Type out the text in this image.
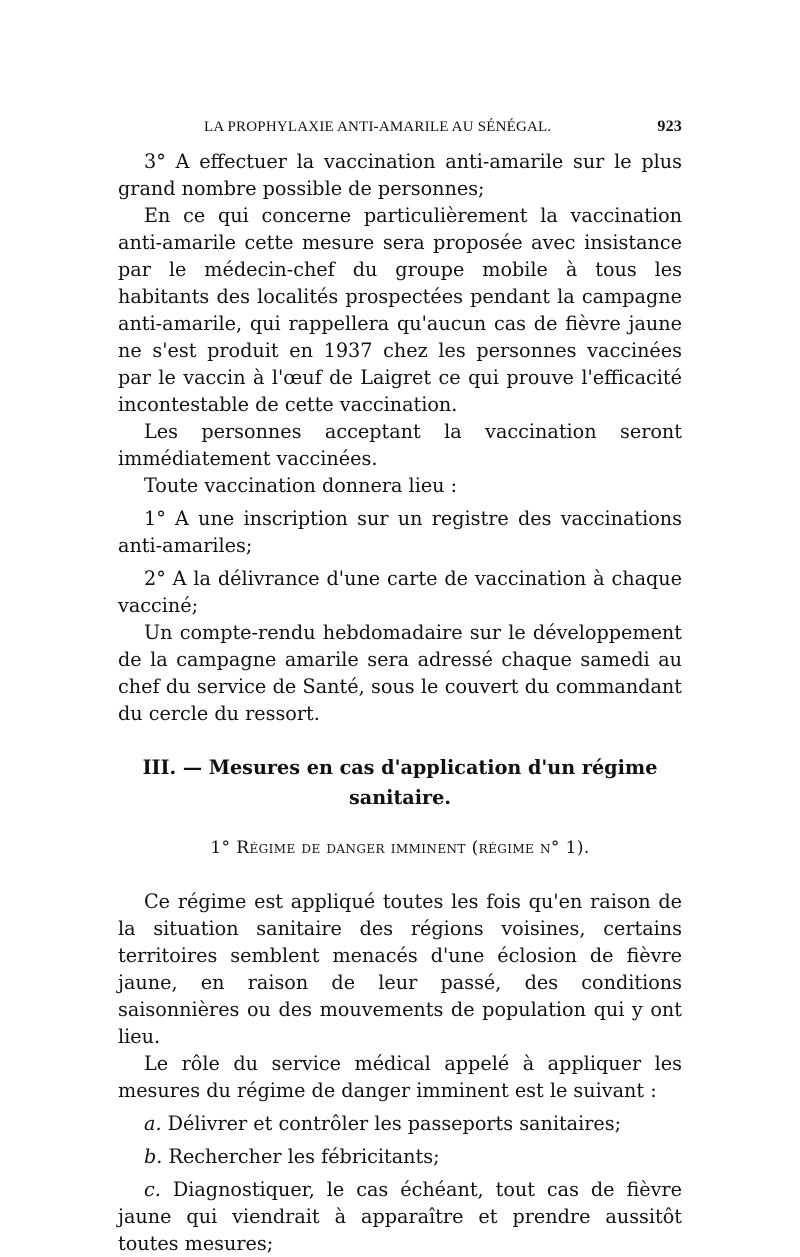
LA PROPHYLAXIE ANTI-AMARILE AU SÉNÉGAL.	923

3° A effectuer la vaccination anti-amarile sur le plus grand nombre possible de personnes;

En ce qui concerne particulièrement la vaccination anti-amarile cette mesure sera proposée avec insistance par le médecin-chef du groupe mobile à tous les habitants des localités prospectées pendant la campagne anti-amarile, qui rappellera qu'aucun cas de fièvre jaune ne s'est produit en 1937 chez les personnes vaccinées par le vaccin à l'œuf de Laigret ce qui prouve l'efficacité incontestable de cette vaccination.

Les personnes acceptant la vaccination seront immédiatement vaccinées.

Toute vaccination donnera lieu :

1° A une inscription sur un registre des vaccinations anti-amariles;

2° A la délivrance d'une carte de vaccination à chaque vacciné;

Un compte-rendu hebdomadaire sur le développement de la campagne amarile sera adressé chaque samedi au chef du service de Santé, sous le couvert du commandant du cercle du ressort.

III. — Mesures en cas d'application d'un régime
sanitaire.
1° Régime de danger imminent (régime n° 1).

Ce régime est appliqué toutes les fois qu'en raison de la situation sanitaire des régions voisines, certains territoires semblent menacés d'une éclosion de fièvre jaune, en raison de leur passé, des conditions saisonnières ou des mouvements de population qui y ont lieu.

Le rôle du service médical appelé à appliquer les mesures du régime de danger imminent est le suivant :

a. Délivrer et contrôler les passeports sanitaires;

b. Rechercher les fébricitants;

c. Diagnostiquer, le cas échéant, tout cas de fièvre jaune qui viendrait à apparaître et prendre aussitôt toutes mesures;
